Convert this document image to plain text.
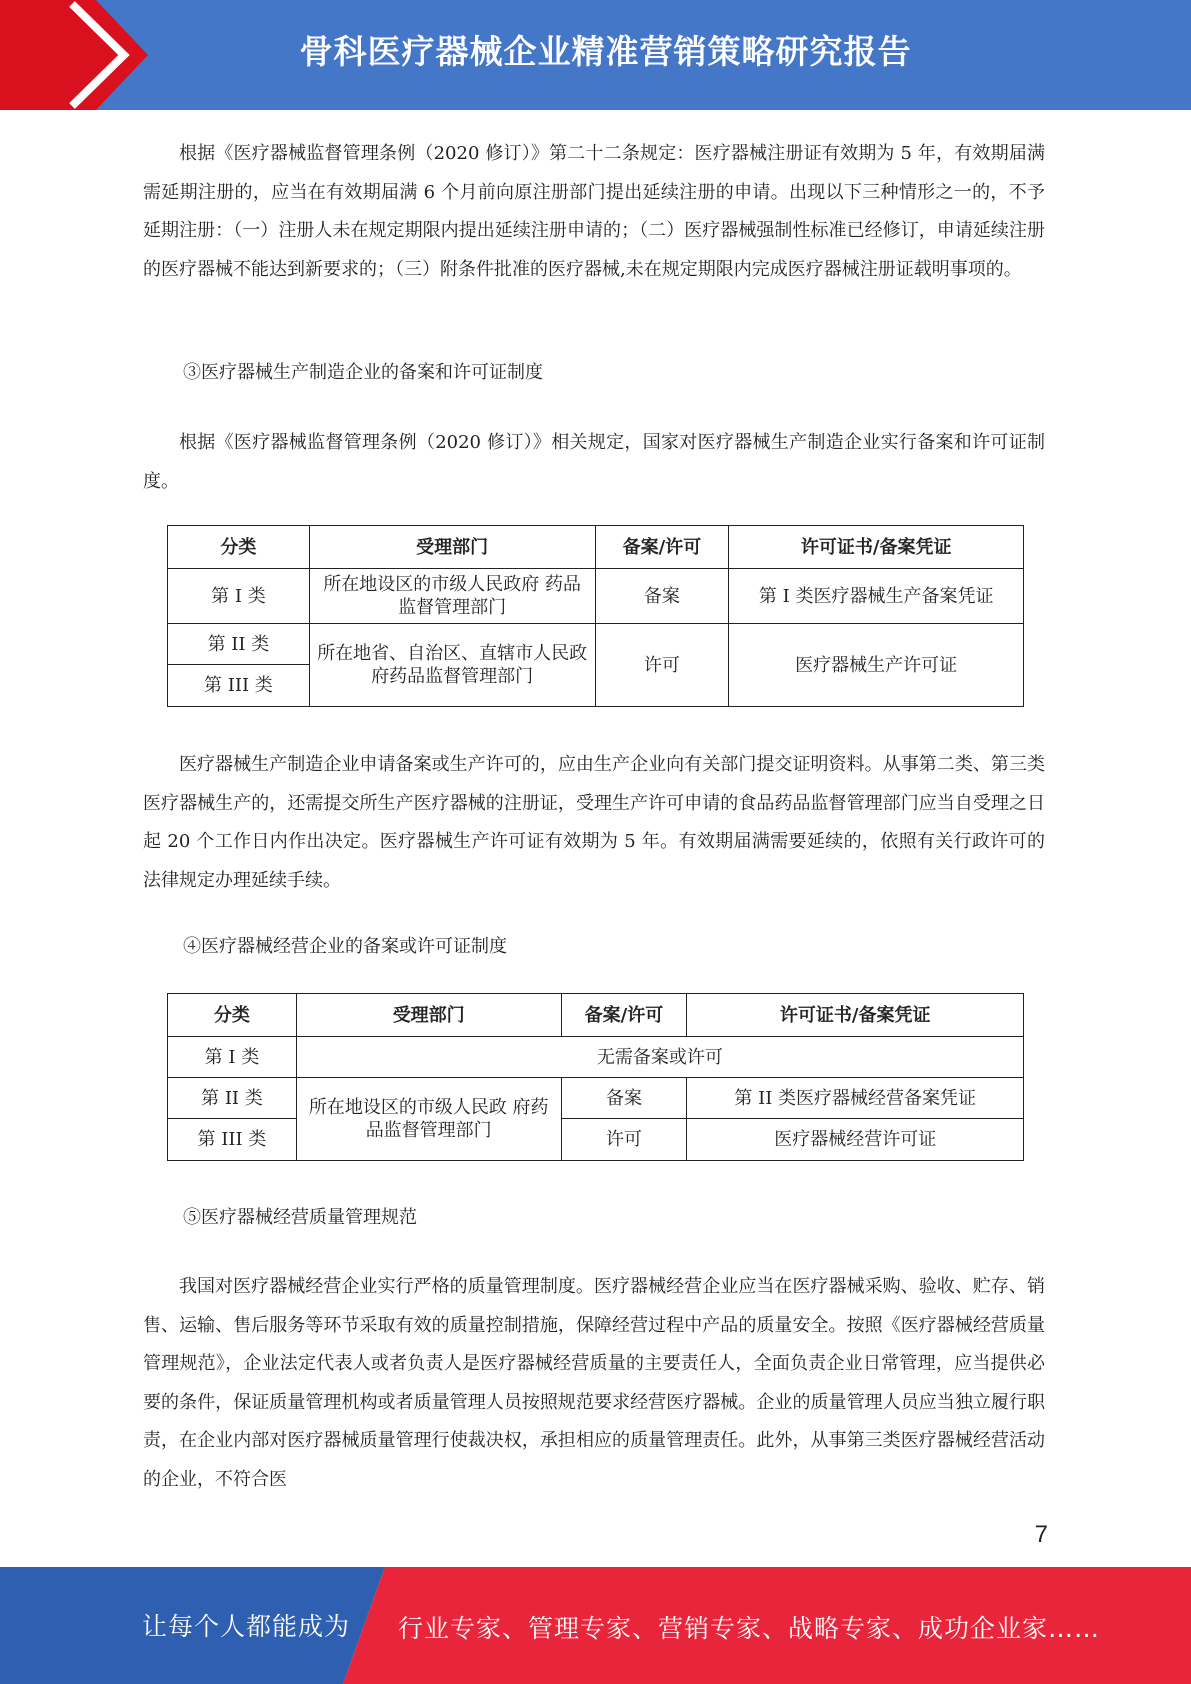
骨科医疗器械企业精准营销策略研究报告

根据《医疗器械监督管理条例（2020 修订）》第二十二条规定：医疗器械注册证有效期为 5 年，有效期届满需延期注册的，应当在有效期届满 6 个月前向原注册部门提出延续注册的申请。出现以下三种情形之一的，不予延期注册：（一）注册人未在规定期限内提出延续注册申请的；（二）医疗器械强制性标准已经修订，申请延续注册的医疗器械不能达到新要求的；（三）附条件批准的医疗器械,未在规定期限内完成医疗器械注册证载明事项的。

③医疗器械生产制造企业的备案和许可证制度

根据《医疗器械监督管理条例（2020 修订）》相关规定，国家对医疗器械生产制造企业实行备案和许可证制度。

分类	受理部门	备案/许可	许可证书/备案凭证
第 I 类	所在地设区的市级人民政府 药品监督管理部门	备案	第 I 类医疗器械生产备案凭证
第 II 类	所在地省、自治区、直辖市人民政府药品监督管理部门	许可	医疗器械生产许可证
第 III 类			

医疗器械生产制造企业申请备案或生产许可的，应由生产企业向有关部门提交证明资料。从事第二类、第三类医疗器械生产的，还需提交所生产医疗器械的注册证，受理生产许可申请的食品药品监督管理部门应当自受理之日起 20 个工作日内作出决定。医疗器械生产许可证有效期为 5 年。有效期届满需要延续的，依照有关行政许可的法律规定办理延续手续。

④医疗器械经营企业的备案或许可证制度

分类	受理部门	备案/许可	许可证书/备案凭证
第 I 类	无需备案或许可		
第 II 类	所在地设区的市级人民政 府药品监督管理部门	备案	第 II 类医疗器械经营备案凭证
第 III 类		许可	医疗器械经营许可证

⑤医疗器械经营质量管理规范

我国对医疗器械经营企业实行严格的质量管理制度。医疗器械经营企业应当在医疗器械采购、验收、贮存、销售、运输、售后服务等环节采取有效的质量控制措施，保障经营过程中产品的质量安全。按照《医疗器械经营质量管理规范》，企业法定代表人或者负责人是医疗器械经营质量的主要责任人，全面负责企业日常管理，应当提供必要的条件，保证质量管理机构或者质量管理人员按照规范要求经营医疗器械。企业的质量管理人员应当独立履行职责，在企业内部对医疗器械质量管理行使裁决权，承担相应的质量管理责任。此外，从事第三类医疗器械经营活动的企业，不符合医

7
让每个人都能成为 行业专家、管理专家、营销专家、战略专家、成功企业家……
